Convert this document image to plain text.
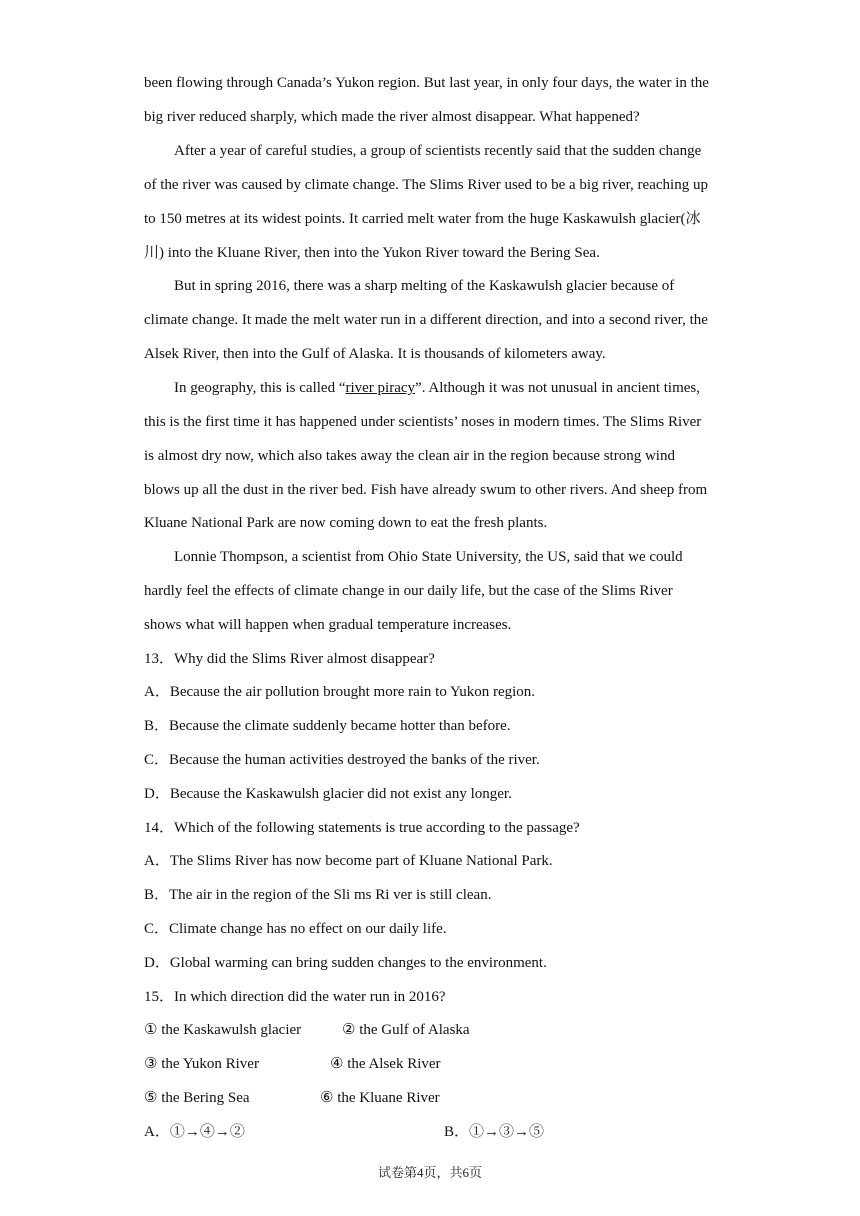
been flowing through Canada’s Yukon region. But last year, in only four days, the water in the
big river reduced sharply, which made the river almost disappear. What happened?
After a year of careful studies, a group of scientists recently said that the sudden change
of the river was caused by climate change. The Slims River used to be a big river, reaching up
to 150 metres at its widest points. It carried melt water from the huge Kaskawulsh glacier(冰
川) into the Kluane River, then into the Yukon River toward the Bering Sea.
But in spring 2016, there was a sharp melting of the Kaskawulsh glacier because of
climate change. It made the melt water run in a different direction, and into a second river, the
Alsek River, then into the Gulf of Alaska. It is thousands of kilometers away.
In geography, this is called “river piracy”. Although it was not unusual in ancient times,
this is the first time it has happened under scientists’ noses in modern times. The Slims River
is almost dry now, which also takes away the clean air in the region because strong wind
blows up all the dust in the river bed. Fish have already swum to other rivers. And sheep from
Kluane National Park are now coming down to eat the fresh plants.
Lonnie Thompson, a scientist from Ohio State University, the US, said that we could
hardly feel the effects of climate change in our daily life, but the case of the Slims River
shows what will happen when gradual temperature increases.
13．Why did the Slims River almost disappear?
A．Because the air pollution brought more rain to Yukon region.
B．Because the climate suddenly became hotter than before.
C．Because the human activities destroyed the banks of the river.
D．Because the Kaskawulsh glacier did not exist any longer.
14．Which of the following statements is true according to the passage?
A．The Slims River has now become part of Kluane National Park.
B．The air in the region of the Sli ms Ri ver is still clean.
C．Climate change has no effect on our daily life.
D．Global warming can bring sudden changes to the environment.
15．In which direction did the water run in 2016?
① the Kaskawulsh glacier	② the Gulf of Alaska
③ the Yukon River	④ the Alsek River
⑤ the Bering Sea	⑥ the Kluane River
A．①→④→②	B．①→③→⑤
试卷第4页，共6页
